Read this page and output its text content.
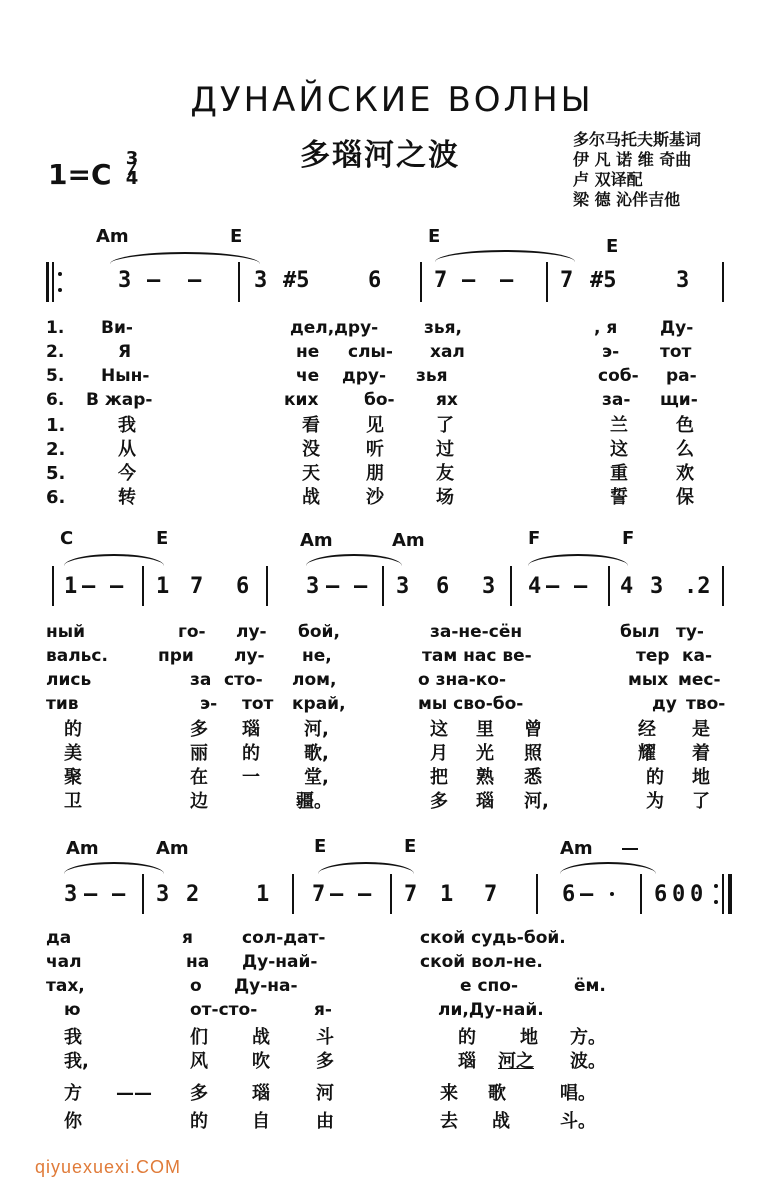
ДУНАЙСКИЕ ВОЛНЫ
多瑙河之波
1=C 3
4
多尔马托夫斯基词
伊 凡 诺 维 奇曲
卢 双译配
梁 德 沁伴吉他
Am	E	E	E
3 — — 3 #5	6 7 — — 7 #5	3
1. Ви-	дел,дру-	зья,	, я	Ду-
2.	Я	не слы- хал	э- тот
5. Нын-	че дру- зья	соб- ра-
6. В жар-	ких	бо- ях	за- щи-
1.	我	看	见	了	兰	色
2.	从	没	听	过	这	么
5.	今	天	朋	友	重	欢
6.	转	战	沙	场	誓	保
C	E	Am	Am	F	F
1 — — 1 7 6	3 — — 3 6 3 4 — — 4 3 .2
ный	го- лу- бой,	за-не-сён	был ту-
вальс.	при лу- не,	там нас ве-	тер ка-
лись	за сто- лом,	о зна-ко-	мых мес-
тив	э- тот край,	мы сво-бо-	ду тво-
的	多 瑙 河,	这 里 曾	经 是
美	丽 的 歌,	月 光 照	耀 着
聚	在 一 堂,	把 熟 悉	的 地
卫	边	疆。	多 瑙 河,	为 了
Am	Am	E	E	Am
3 — — 3 2	1 7 — — 7 1 7	6 —	6 0 0
да	я	сол-дат-	ской судь-бой.
чал	на Ду-най-	ской вол-не.
тах,	о Ду-на-	е спо-	ём.
ю	от-сто-	я-	ли,Ду-най.
我	们 战	斗	的 地 方。
我,	风 吹	多	瑙 河之 波。
方 —— 多 瑙	河	来 歌	唱。
你	的 自	由	去 战	斗。
qiyuexuexi.COM
